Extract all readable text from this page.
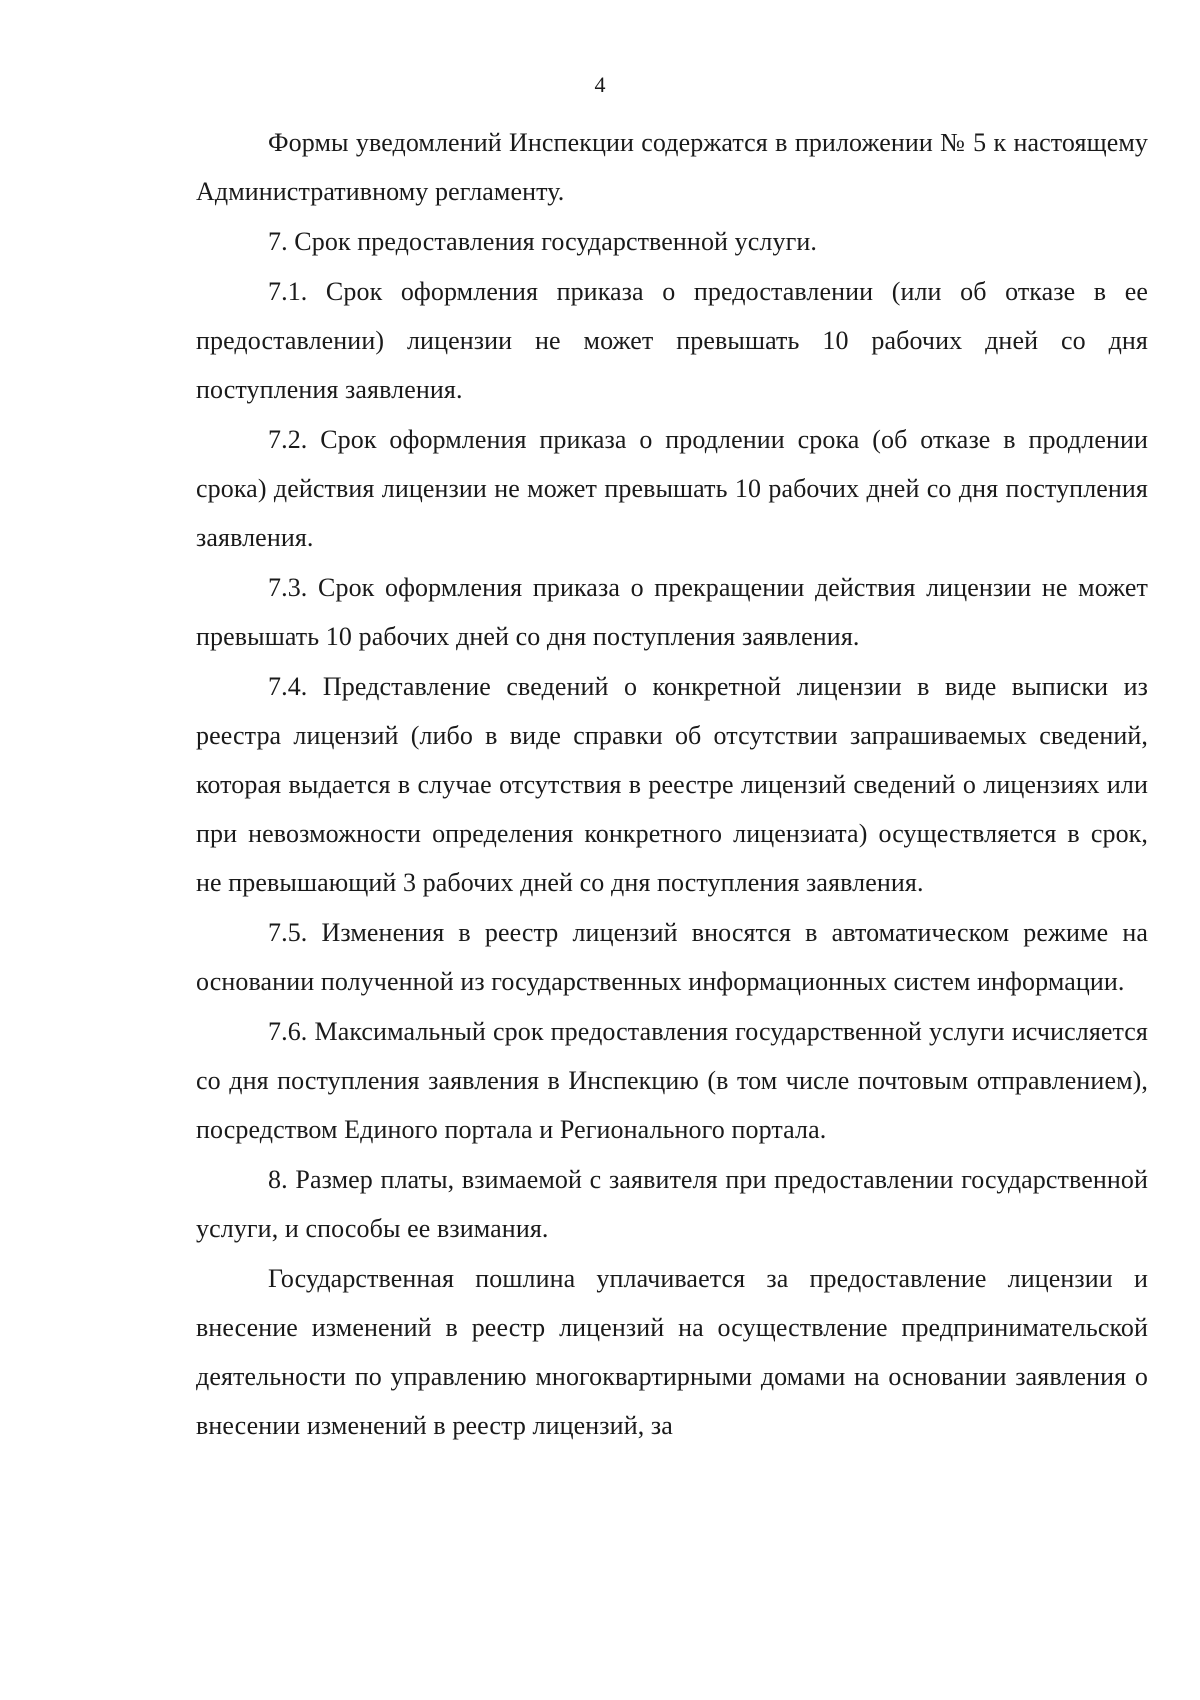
4

Формы уведомлений Инспекции содержатся в приложении № 5 к настоящему Административному регламенту.

7. Срок предоставления государственной услуги.

7.1. Срок оформления приказа о предоставлении (или об отказе в ее предоставлении) лицензии не может превышать 10 рабочих дней со дня поступления заявления.

7.2. Срок оформления приказа о продлении срока (об отказе в продлении срока) действия лицензии не может превышать 10 рабочих дней со дня поступления заявления.

7.3. Срок оформления приказа о прекращении действия лицензии не может превышать 10 рабочих дней со дня поступления заявления.

7.4. Представление сведений о конкретной лицензии в виде выписки из реестра лицензий (либо в виде справки об отсутствии запрашиваемых сведений, которая выдается в случае отсутствия в реестре лицензий сведений о лицензиях или при невозможности определения конкретного лицензиата) осуществляется в срок, не превышающий 3 рабочих дней со дня поступления заявления.

7.5. Изменения в реестр лицензий вносятся в автоматическом режиме на основании полученной из государственных информационных систем информации.

7.6. Максимальный срок предоставления государственной услуги исчисляется со дня поступления заявления в Инспекцию (в том числе почтовым отправлением), посредством Единого портала и Регионального портала.

8. Размер платы, взимаемой с заявителя при предоставлении государственной услуги, и способы ее взимания.

Государственная пошлина уплачивается за предоставление лицензии и внесение изменений в реестр лицензий на осуществление предпринимательской деятельности по управлению многоквартирными домами на основании заявления о внесении изменений в реестр лицензий, за
